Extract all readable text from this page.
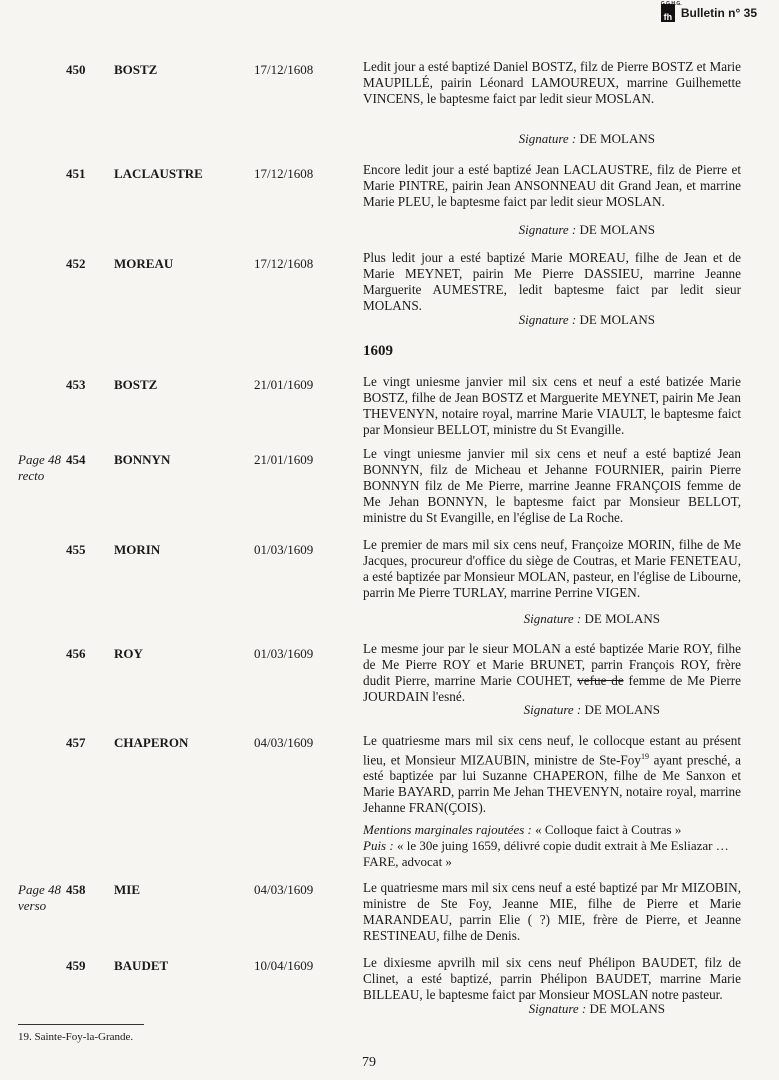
G.G.H.G.
fh Bulletin n° 35
450	BOSTZ	17/12/1608	Ledit jour a esté baptizé Daniel BOSTZ, filz de Pierre BOSTZ et Marie MAUPILLÉ, pairin Léonard LAMOUREUX, marrine Guilhemette VINCENS, le baptesme faict par ledit sieur MOSLAN.

Signature : DE MOLANS
451	LACLAUSTRE	17/12/1608	Encore ledit jour a esté baptizé Jean LACLAUSTRE, filz de Pierre et Marie PINTRE, pairin Jean ANSONNEAU dit Grand Jean, et marrine Marie PLEU, le baptesme faict par ledit sieur MOSLAN.

Signature : DE MOLANS
452	MOREAU	17/12/1608	Plus ledit jour a esté baptizé Marie MOREAU, filhe de Jean et de Marie MEYNET, pairin Me Pierre DASSIEU, marrine Jeanne Marguerite AUMESTRE, ledit baptesme faict par ledit sieur MOLANS.

Signature : DE MOLANS
1609
453	BOSTZ	21/01/1609	Le vingt uniesme janvier mil six cens et neuf a esté batizée Marie BOSTZ, filhe de Jean BOSTZ et Marguerite MEYNET, pairin Me Jean THEVENYN, notaire royal, marrine Marie VIAULT, le baptesme faict par Monsieur BELLOT, ministre du St Evangille.

Page 48
recto
454	BONNYN	21/01/1609	Le vingt uniesme janvier mil six cens et neuf a esté baptizé Jean BONNYN, filz de Micheau et Jehanne FOURNIER, pairin Pierre BONNYN filz de Me Pierre, marrine Jeanne FRANÇOIS femme de Me Jehan BONNYN, le baptesme faict par Monsieur BELLOT, ministre du St Evangille, en l'église de La Roche.

455	MORIN	01/03/1609	Le premier de mars mil six cens neuf, Françoize MORIN, filhe de Me Jacques, procureur d'office du siège de Coutras, et Marie FENETEAU, a esté baptizée par Monsieur MOLAN, pasteur, en l'église de Libourne, parrin Me Pierre TURLAY, marrine Perrine VIGEN.

Signature : DE MOLANS
456	ROY	01/03/1609	Le mesme jour par le sieur MOLAN a esté baptizée Marie ROY, filhe de Me Pierre ROY et Marie BRUNET, parrin François ROY, frère dudit Pierre, marrine Marie COUHET, vefue de femme de Me Pierre JOURDAIN l'esné.

Signature : DE MOLANS
457	CHAPERON	04/03/1609	Le quatriesme mars mil six cens neuf, le collocque estant au présent lieu, et Monsieur MIZAUBIN, ministre de Ste-Foy$^{19}$ ayant presché, a esté baptizée par lui Suzanne CHAPERON, filhe de Me Sanxon et Marie BAYARD, parrin Me Jehan THEVENYN, notaire royal, marrine Jehanne FRAN(ÇOIS).

Mentions marginales rajoutées : « Colloque faict à Coutras »
Puis : « le 30e juing 1659, délivré copie dudit extrait à Me Esliazar …FARE, advocat »
Page 48
verso
458	MIE	04/03/1609	Le quatriesme mars mil six cens neuf a esté baptizé par Mr MIZOBIN, ministre de Ste Foy, Jeanne MIE, filhe de Pierre et Marie MARANDEAU, parrin Elie ( ?) MIE, frère de Pierre, et Jeanne RESTINEAU, filhe de Denis.

459	BAUDET	10/04/1609	Le dixiesme apvrilh mil six cens neuf Phélipon BAUDET, filz de Clinet, a esté baptizé, parrin Phélipon BAUDET, marrine Marie BILLEAU, le baptesme faict par Monsieur MOSLAN notre pasteur.

Signature : DE MOLANS
19. Sainte-Foy-la-Grande.
79
